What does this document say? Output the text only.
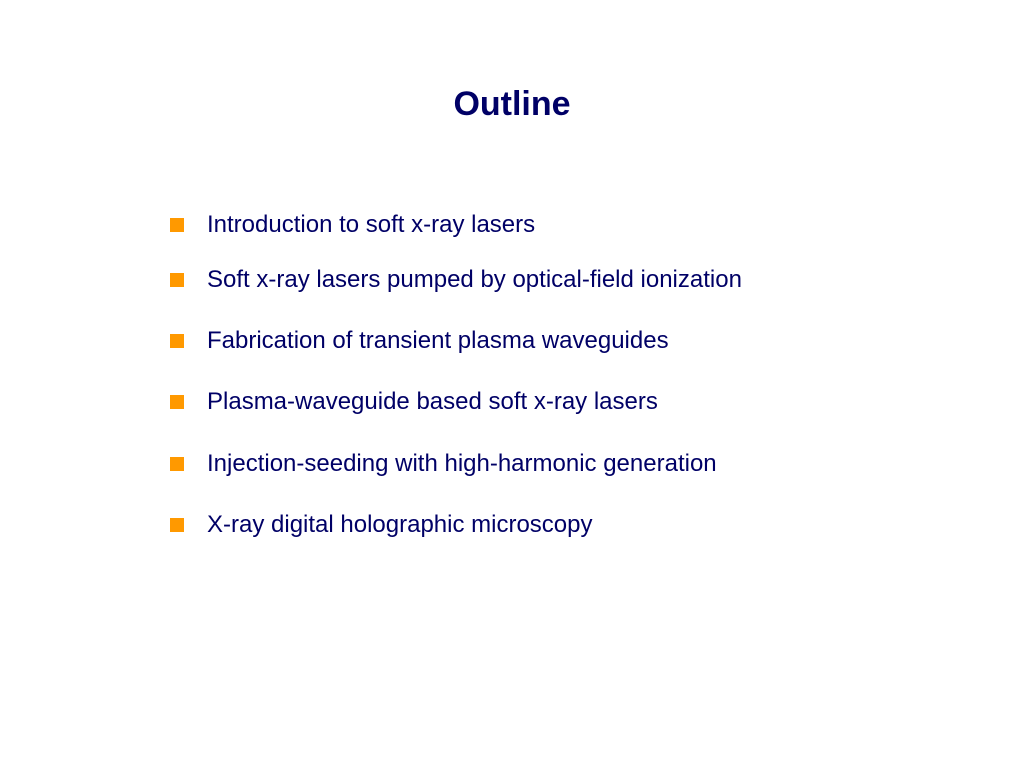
Outline
Introduction to soft x-ray lasers
Soft x-ray lasers pumped by optical-field ionization
Fabrication of transient plasma waveguides
Plasma-waveguide based soft x-ray lasers
Injection-seeding with high-harmonic generation
X-ray digital holographic microscopy
